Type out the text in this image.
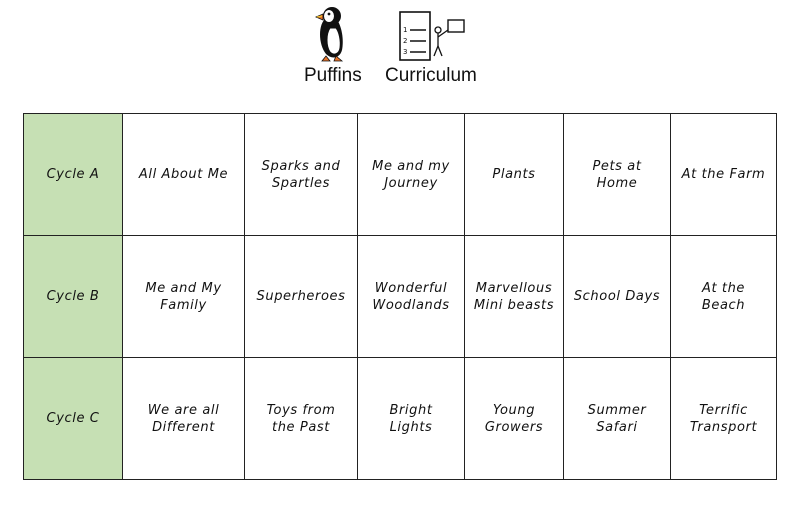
Puffins
1
2
3
Curriculum
Cycle A	All About Me	Sparks and Spartles	Me and my Journey	Plants	Pets at Home	At the Farm
Cycle B	Me and My Family	Superheroes	Wonderful Woodlands	Marvellous Mini beasts	School Days	At the Beach
Cycle C	We are all Different	Toys from the Past	Bright Lights	Young Growers	Summer Safari	Terrific Transport
